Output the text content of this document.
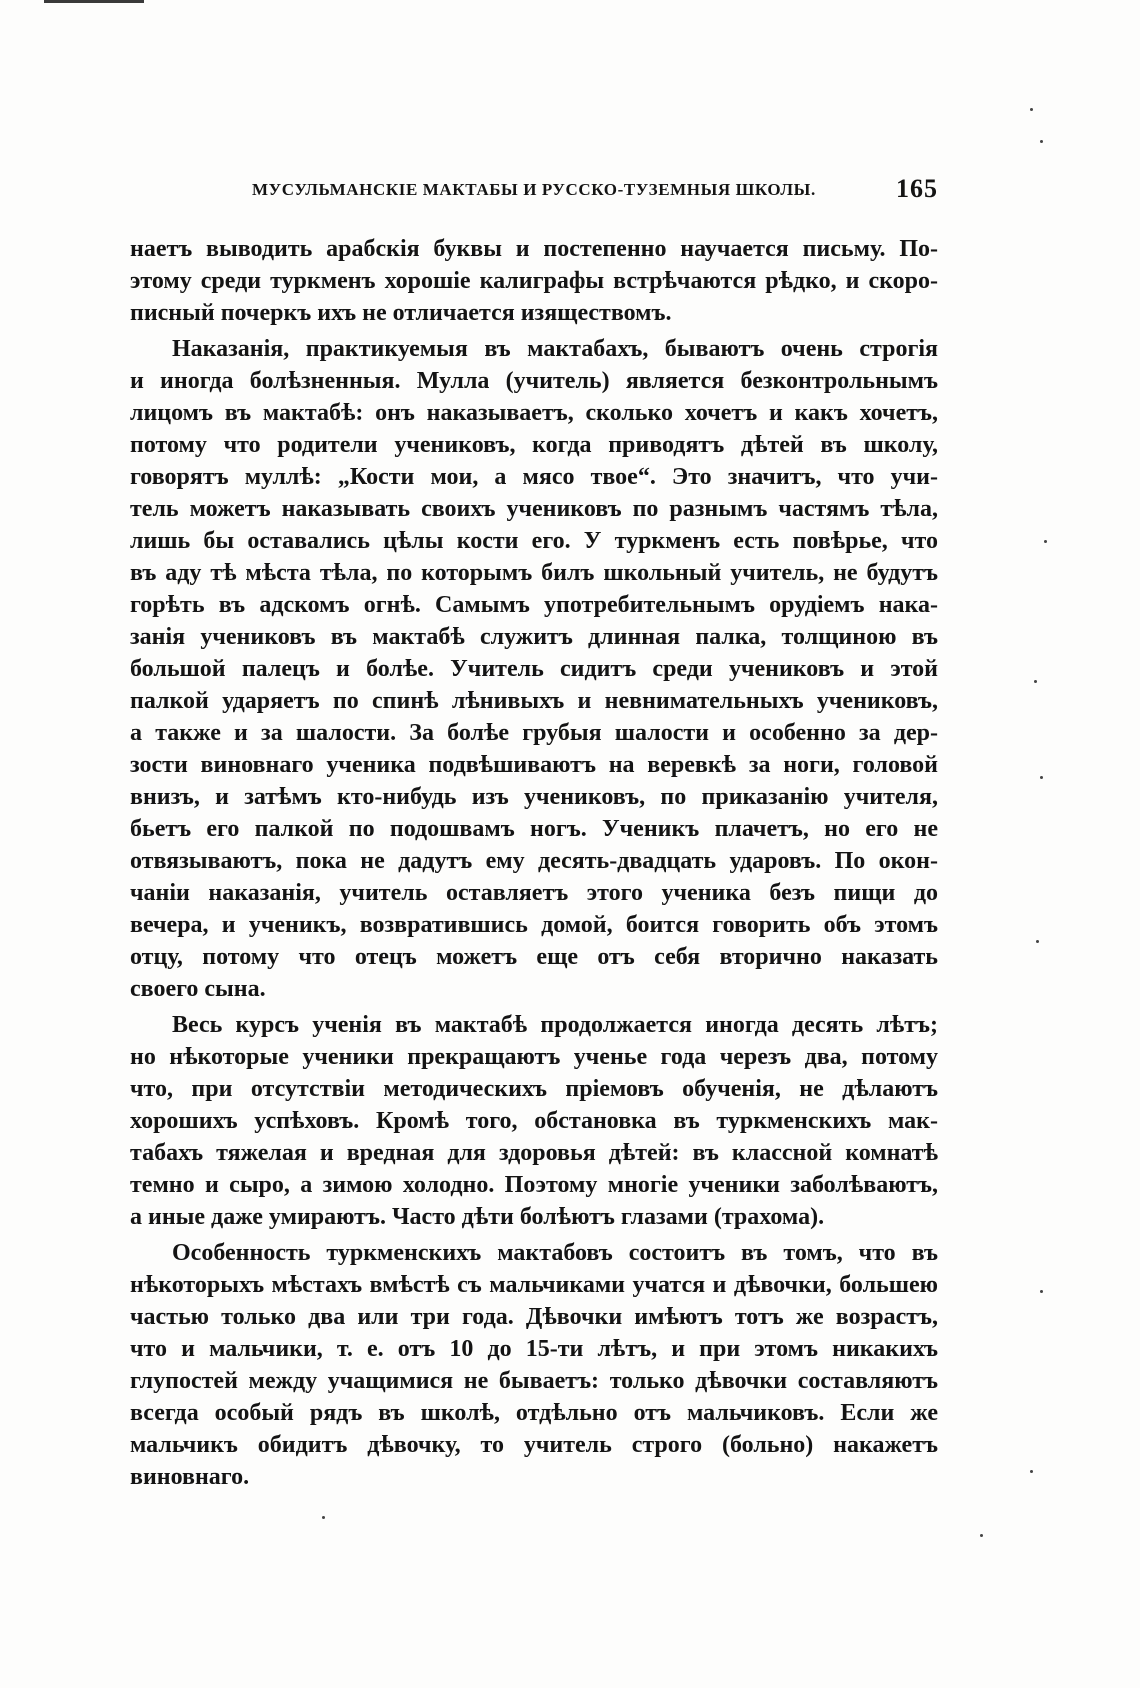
МУСУЛЬМАНСКІЕ МАКТАБЫ И РУССКО-ТУЗЕМНЫЯ ШКОЛЫ.	165
наетъ выводить арабскія буквы и постепенно научается письму. По-
этому среди туркменъ хорошіе калиграфы встрѣчаются рѣдко, и скоро-
писный почеркъ ихъ не отличается изяществомъ.
Наказанія, практикуемыя въ мактабахъ, бываютъ очень строгія
и иногда болѣзненныя. Мулла (учитель) является безконтрольнымъ
лицомъ въ мактабѣ: онъ наказываетъ, сколько хочетъ и какъ хочетъ,
потому что родители учениковъ, когда приводятъ дѣтей въ школу,
говорятъ муллѣ: „Кости мои, а мясо твое“. Это значитъ, что учи-
тель можетъ наказывать своихъ учениковъ по разнымъ частямъ тѣла,
лишь бы оставались цѣлы кости его. У туркменъ есть повѣрье, что
въ аду тѣ мѣста тѣла, по которымъ билъ школьный учитель, не будутъ
горѣть въ адскомъ огнѣ. Самымъ употребительнымъ орудіемъ нака-
занія учениковъ въ мактабѣ служитъ длинная палка, толщиною въ
большой палецъ и болѣе. Учитель сидитъ среди учениковъ и этой
палкой ударяетъ по спинѣ лѣнивыхъ и невнимательныхъ учениковъ,
а также и за шалости. За болѣе грубыя шалости и особенно за дер-
зости виновнаго ученика подвѣшиваютъ на веревкѣ за ноги, головой
внизъ, и затѣмъ кто-нибудь изъ учениковъ, по приказанію учителя,
бьетъ его палкой по подошвамъ ногъ. Ученикъ плачетъ, но его не
отвязываютъ, пока не дадутъ ему десять-двадцать ударовъ. По окон-
чаніи наказанія, учитель оставляетъ этого ученика безъ пищи до
вечера, и ученикъ, возвратившись домой, боится говорить объ этомъ
отцу, потому что отецъ можетъ еще отъ себя вторично наказать
своего сына.
Весь курсъ ученія въ мактабѣ продолжается иногда десять лѣтъ;
но нѣкоторые ученики прекращаютъ ученье года черезъ два, потому
что, при отсутствіи методическихъ пріемовъ обученія, не дѣлаютъ
хорошихъ успѣховъ. Кромѣ того, обстановка въ туркменскихъ мак-
табахъ тяжелая и вредная для здоровья дѣтей: въ классной комнатѣ
темно и сыро, а зимою холодно. Поэтому многіе ученики заболѣваютъ,
а иные даже умираютъ. Часто дѣти болѣютъ глазами (трахома).
Особенность туркменскихъ мактабовъ состоитъ въ томъ, что въ
нѣкоторыхъ мѣстахъ вмѣстѣ съ мальчиками учатся и дѣвочки, большею
частью только два или три года. Дѣвочки имѣютъ тотъ же возрастъ,
что и мальчики, т. е. отъ 10 до 15-ти лѣтъ, и при этомъ никакихъ
глупостей между учащимися не бываетъ: только дѣвочки составляютъ
всегда особый рядъ въ школѣ, отдѣльно отъ мальчиковъ. Если же
мальчикъ обидитъ дѣвочку, то учитель строго (больно) накажетъ
виновнаго.
